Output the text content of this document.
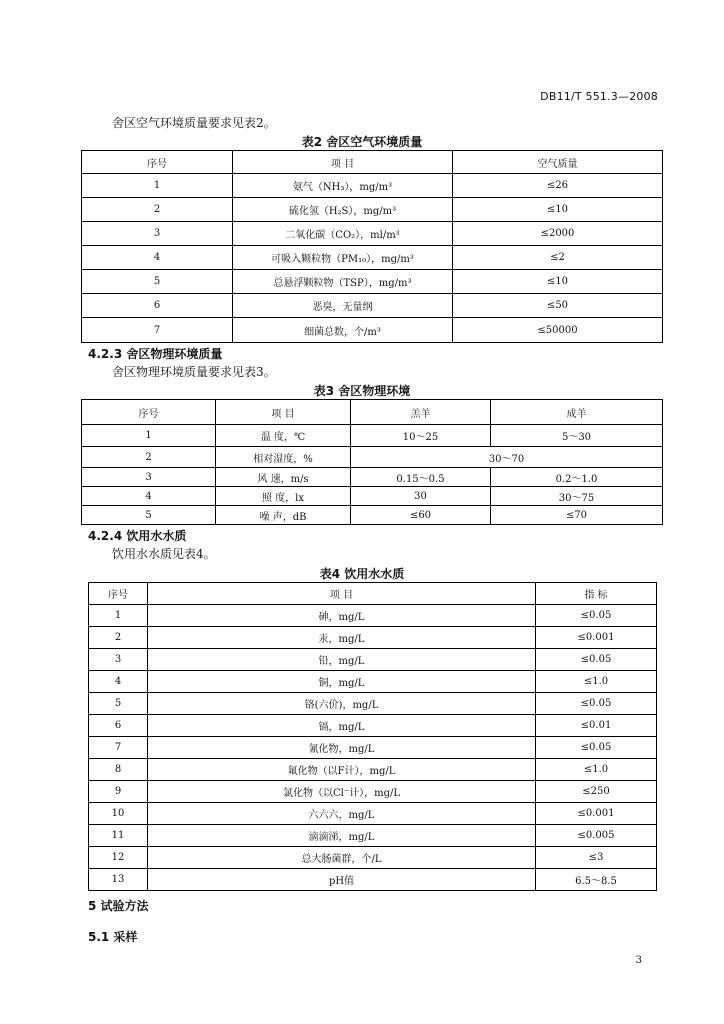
DB11/T 551.3—2008
舍区空气环境质量要求见表2。
表2 舍区空气环境质量
序号	项 目	空气质量
1	氨气（NH₃），mg/m³	≤26
2	硫化氢（H₂S），mg/m³	≤10
3	二氧化碳（CO₂），ml/m³	≤2000
4	可吸入颗粒物（PM₁₀），mg/m³	≤2
5	总悬浮颗粒物（TSP），mg/m³	≤10
6	恶臭，无量纲	≤50
7	细菌总数，个/m³	≤50000
4.2.3 舍区物理环境质量
舍区物理环境质量要求见表3。
表3 舍区物理环境
序号	项 目	羔羊	成羊
1	温 度，℃	10～25	5～30
2	相对湿度，%	30～70	
3	风 速，m/s	0.15～0.5	0.2～1.0
4	照 度，lx	30	30～75
5	噪 声，dB	≤60	≤70
4.2.4 饮用水水质
饮用水水质见表4。
表4 饮用水水质
序号	项 目	指 标
1	砷，mg/L	≤0.05
2	汞，mg/L	≤0.001
3	铅，mg/L	≤0.05
4	铜，mg/L	≤1.0
5	铬(六价)，mg/L	≤0.05
6	镉，mg/L	≤0.01
7	氰化物，mg/L	≤0.05
8	氟化物（以F计），mg/L	≤1.0
9	氯化物（以Cl⁻计），mg/L	≤250
10	六六六，mg/L	≤0.001
11	滴滴涕，mg/L	≤0.005
12	总大肠菌群，个/L	≤3
13	pH值	6.5～8.5
5 试验方法
5.1 采样
3
